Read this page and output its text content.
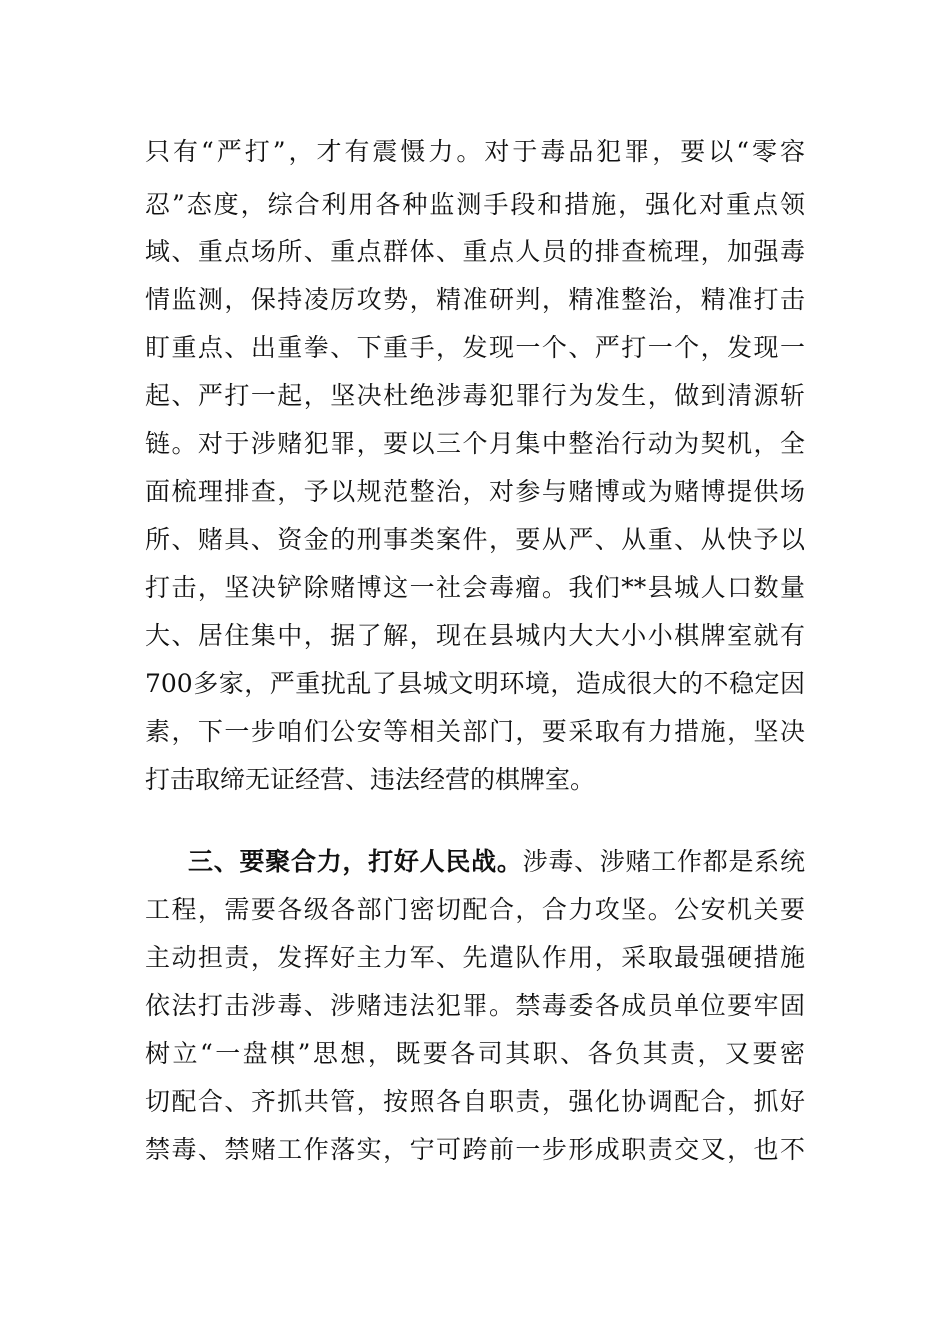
只有“严打”，才有震慑力。对于毒品犯罪，要以“零容
忍”态度，综合利用各种监测手段和措施，强化对重点领
域、重点场所、重点群体、重点人员的排查梳理，加强毒
情监测，保持凌厉攻势，精准研判，精准整治，精准打击
盯重点、出重拳、下重手，发现一个、严打一个，发现一
起、严打一起，坚决杜绝涉毒犯罪行为发生，做到清源斩
链。对于涉赌犯罪，要以三个月集中整治行动为契机，全
面梳理排查，予以规范整治，对参与赌博或为赌博提供场
所、赌具、资金的刑事类案件，要从严、从重、从快予以
打击，坚决铲除赌博这一社会毒瘤。我们**县城人口数量
大、居住集中，据了解，现在县城内大大小小棋牌室就有
700多家，严重扰乱了县城文明环境，造成很大的不稳定因
素，下一步咱们公安等相关部门，要采取有力措施，坚决
打击取缔无证经营、违法经营的棋牌室。
三、要聚合力，打好人民战。涉毒、涉赌工作都是系统
工程，需要各级各部门密切配合，合力攻坚。公安机关要
主动担责，发挥好主力军、先遣队作用，采取最强硬措施
依法打击涉毒、涉赌违法犯罪。禁毒委各成员单位要牢固
树立“一盘棋”思想，既要各司其职、各负其责，又要密
切配合、齐抓共管，按照各自职责，强化协调配合，抓好
禁毒、禁赌工作落实，宁可跨前一步形成职责交叉，也不
